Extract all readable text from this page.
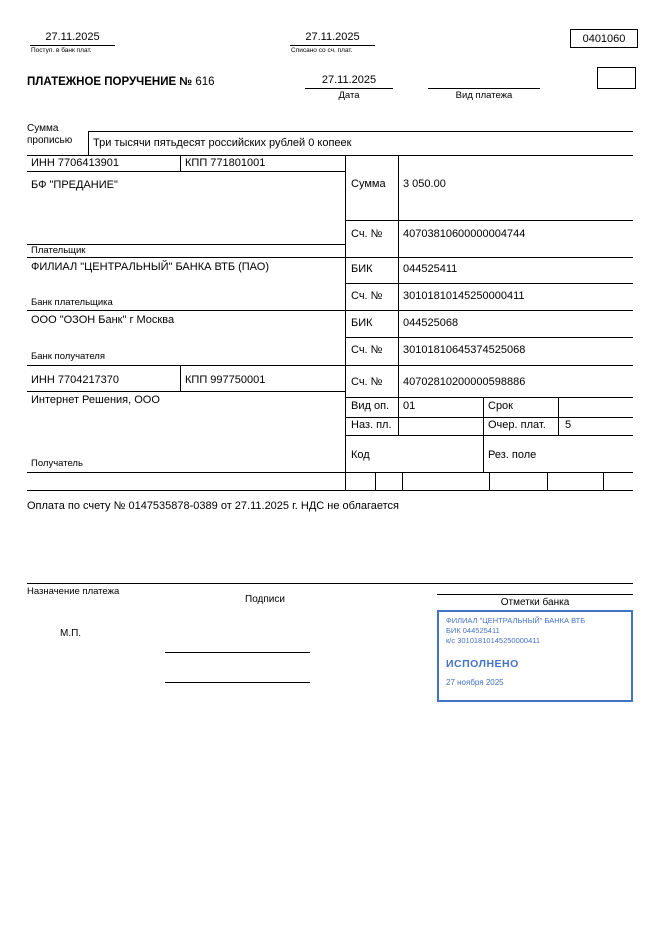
27.11.2025
Поступ. в банк плат.
27.11.2025
Списано со сч. плат.
0401060
ПЛАТЕЖНОЕ ПОРУЧЕНИЕ № 616	27.11.2025
Дата	Вид платежа
Сумма
прописью Три тысячи пятьдесят российских рублей 0 копеек
ИНН 7706413901	КПП 771801001
БФ "ПРЕДАНИЕ"
Плательщик
ФИЛИАЛ "ЦЕНТРАЛЬНЫЙ" БАНКА ВТБ (ПАО)
Банк плательщика
ООО "ОЗОН Банк" г Москва
Банк получателя
ИНН 7704217370	КПП 997750001
Интернет Решения, ООО
Получатель
Сумма 3 050.00
Сч. № 40703810600000004744
БИК	044525411
Сч. № 30101810145250000411
БИК	044525068
Сч. № 30101810645374525068
Сч. № 40702810200000598886
Вид оп. 01	Срок
Наз. пл.	Очер. плат. 5
Код	Рез. поле
Оплата по счету № 0147535878-0389 от 27.11.2025 г. НДС не облагается
Назначение платежа
Подписи	Отметки банка
М.П.
ФИЛИАЛ "ЦЕНТРАЛЬНЫЙ" БАНКА ВТБ
БИК 044525411
к/с 30101810145250000411
ИСПОЛНЕНО
27 ноября 2025
